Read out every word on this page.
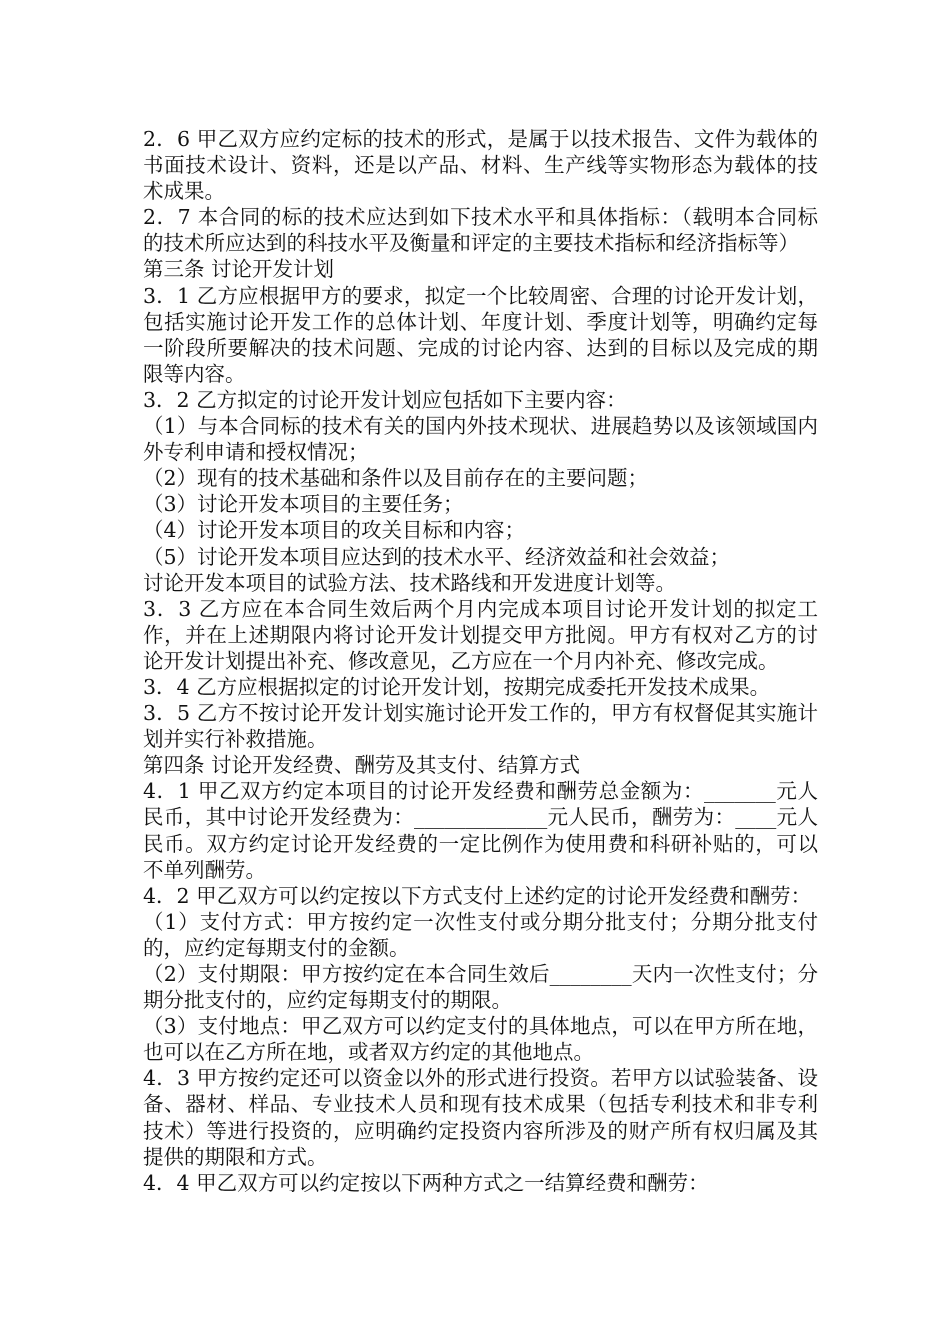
2．6 甲乙双方应约定标的技术的形式，是属于以技术报告、文件为载体的书面技术设计、资料，还是以产品、材料、生产线等实物形态为载体的技术成果。

2．7 本合同的标的技术应达到如下技术水平和具体指标：（载明本合同标的技术所应达到的科技水平及衡量和评定的主要技术指标和经济指标等）

第三条 讨论开发计划

3．1 乙方应根据甲方的要求，拟定一个比较周密、合理的讨论开发计划，包括实施讨论开发工作的总体计划、年度计划、季度计划等，明确约定每一阶段所要解决的技术问题、完成的讨论内容、达到的目标以及完成的期限等内容。

3．2 乙方拟定的讨论开发计划应包括如下主要内容：

（1）与本合同标的技术有关的国内外技术现状、进展趋势以及该领域国内外专利申请和授权情况；

（2）现有的技术基础和条件以及目前存在的主要问题；

（3）讨论开发本项目的主要任务；

（4）讨论开发本项目的攻关目标和内容；

（5）讨论开发本项目应达到的技术水平、经济效益和社会效益；

讨论开发本项目的试验方法、技术路线和开发进度计划等。

3．3 乙方应在本合同生效后两个月内完成本项目讨论开发计划的拟定工作，并在上述期限内将讨论开发计划提交甲方批阅。甲方有权对乙方的讨论开发计划提出补充、修改意见，乙方应在一个月内补充、修改完成。

3．4 乙方应根据拟定的讨论开发计划，按期完成委托开发技术成果。

3．5 乙方不按讨论开发计划实施讨论开发工作的，甲方有权督促其实施计划并实行补救措施。

第四条 讨论开发经费、酬劳及其支付、结算方式

4．1 甲乙双方约定本项目的讨论开发经费和酬劳总金额为：_______元人民币，其中讨论开发经费为：_____________元人民币，酬劳为：____元人民币。双方约定讨论开发经费的一定比例作为使用费和科研补贴的，可以不单列酬劳。

4．2 甲乙双方可以约定按以下方式支付上述约定的讨论开发经费和酬劳：

（1）支付方式：甲方按约定一次性支付或分期分批支付；分期分批支付的，应约定每期支付的金额。

（2）支付期限：甲方按约定在本合同生效后________天内一次性支付；分期分批支付的，应约定每期支付的期限。

（3）支付地点：甲乙双方可以约定支付的具体地点，可以在甲方所在地，也可以在乙方所在地，或者双方约定的其他地点。

4．3 甲方按约定还可以资金以外的形式进行投资。若甲方以试验装备、设备、器材、样品、专业技术人员和现有技术成果（包括专利技术和非专利技术）等进行投资的，应明确约定投资内容所涉及的财产所有权归属及其提供的期限和方式。

4．4 甲乙双方可以约定按以下两种方式之一结算经费和酬劳：
